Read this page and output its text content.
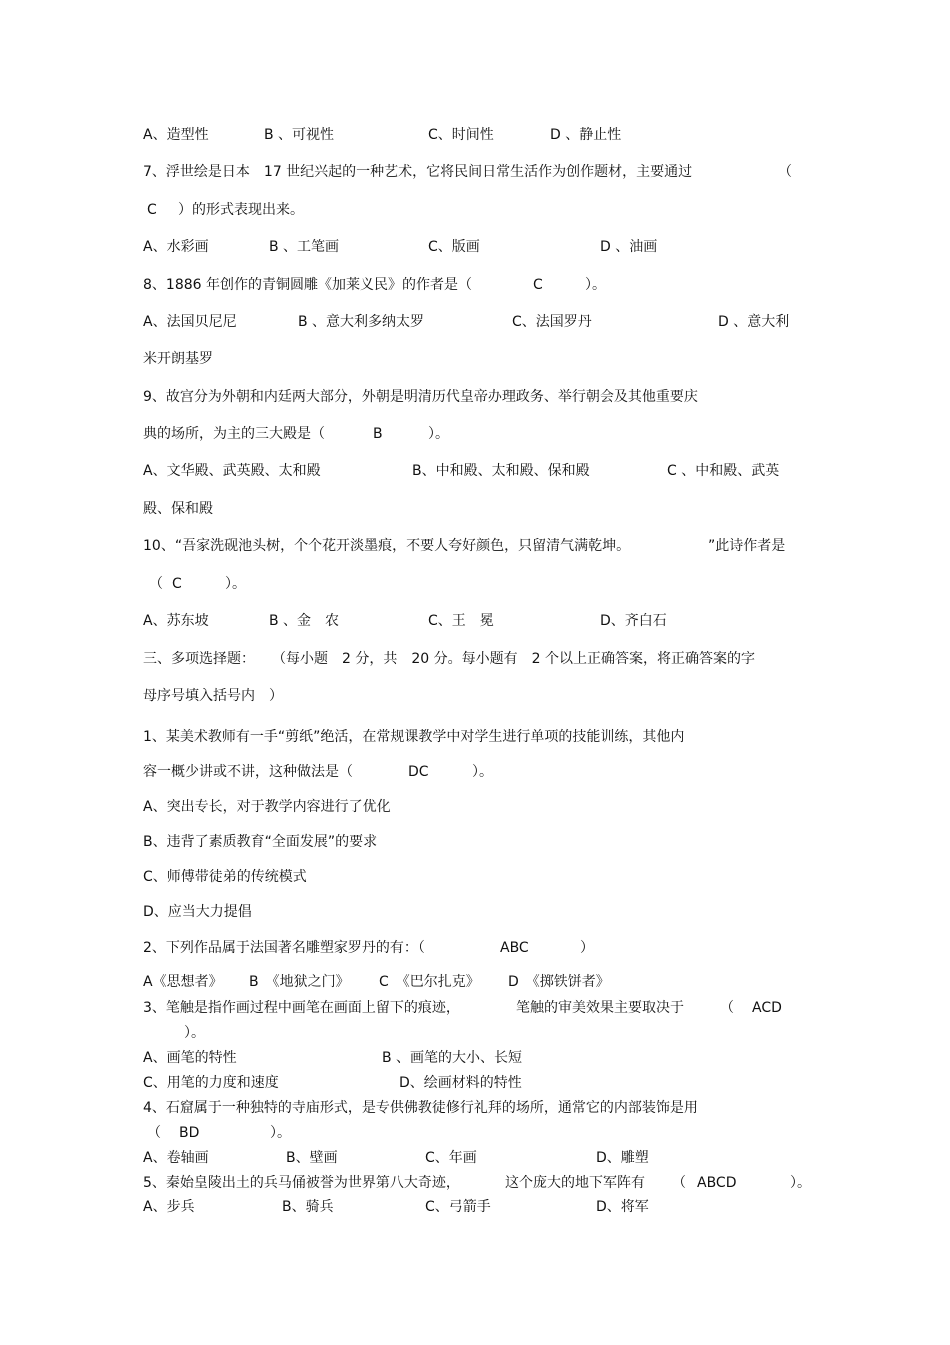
A、造型性	B 、可视性	C、时间性	D 、静止性
7、浮世绘是日本　17 世纪兴起的一种艺术，它将民间日常生活作为创作题材，主要通过	（
C ）的形式表现出来。
A、水彩画	B 、工笔画	C、版画	D 、油画
8、1886 年创作的青铜圆雕《加莱义民》的作者是（	C	）。
A、法国贝尼尼	B 、意大利多纳太罗	C、法国罗丹	D 、意大利
米开朗基罗
9、故宫分为外朝和内廷两大部分，外朝是明清历代皇帝办理政务、举行朝会及其他重要庆
典的场所，为主的三大殿是（	B	）。
A、文华殿、武英殿、太和殿	B、中和殿、太和殿、保和殿	C 、中和殿、武英
殿、保和殿
10、“吾家洗砚池头树，个个花开淡墨痕，不要人夸好颜色，只留清气满乾坤。	”此诗作者是
（ C	）。
A、苏东坡	B 、金　农	C、王　冕	D、齐白石
三、多项选择题： （每小题　2 分，共　20 分。每小题有　2 个以上正确答案，将正确答案的字
母序号填入括号内　）
1、某美术教师有一手“剪纸”绝活，在常规课教学中对学生进行单项的技能训练，其他内
容一概少讲或不讲，这种做法是（	DC	）。
A、突出专长，对于教学内容进行了优化
B、违背了素质教育“全面发展”的要求
C、师傅带徒弟的传统模式
D、应当大力提倡
2、下列作品属于法国著名雕塑家罗丹的有：（	ABC	）
A《思想者》 B　《地狱之门》 C　《巴尔扎克》 D　《掷铁饼者》
3、笔触是指作画过程中画笔在画面上留下的痕迹，	笔触的审美效果主要取决于	（ ACD
）。
A、画笔的特性	B 、画笔的大小、长短
C、用笔的力度和速度	D、绘画材料的特性
4、石窟属于一种独特的寺庙形式，是专供佛教徒修行礼拜的场所，通常它的内部装饰是用
（ BD	）。
A、卷轴画	B、壁画	C、年画	D、雕塑
5、秦始皇陵出土的兵马俑被誉为世界第八大奇迹，	这个庞大的地下军阵有 （ ABCD	）。
A、步兵	B、骑兵	C、弓箭手	D、将军
